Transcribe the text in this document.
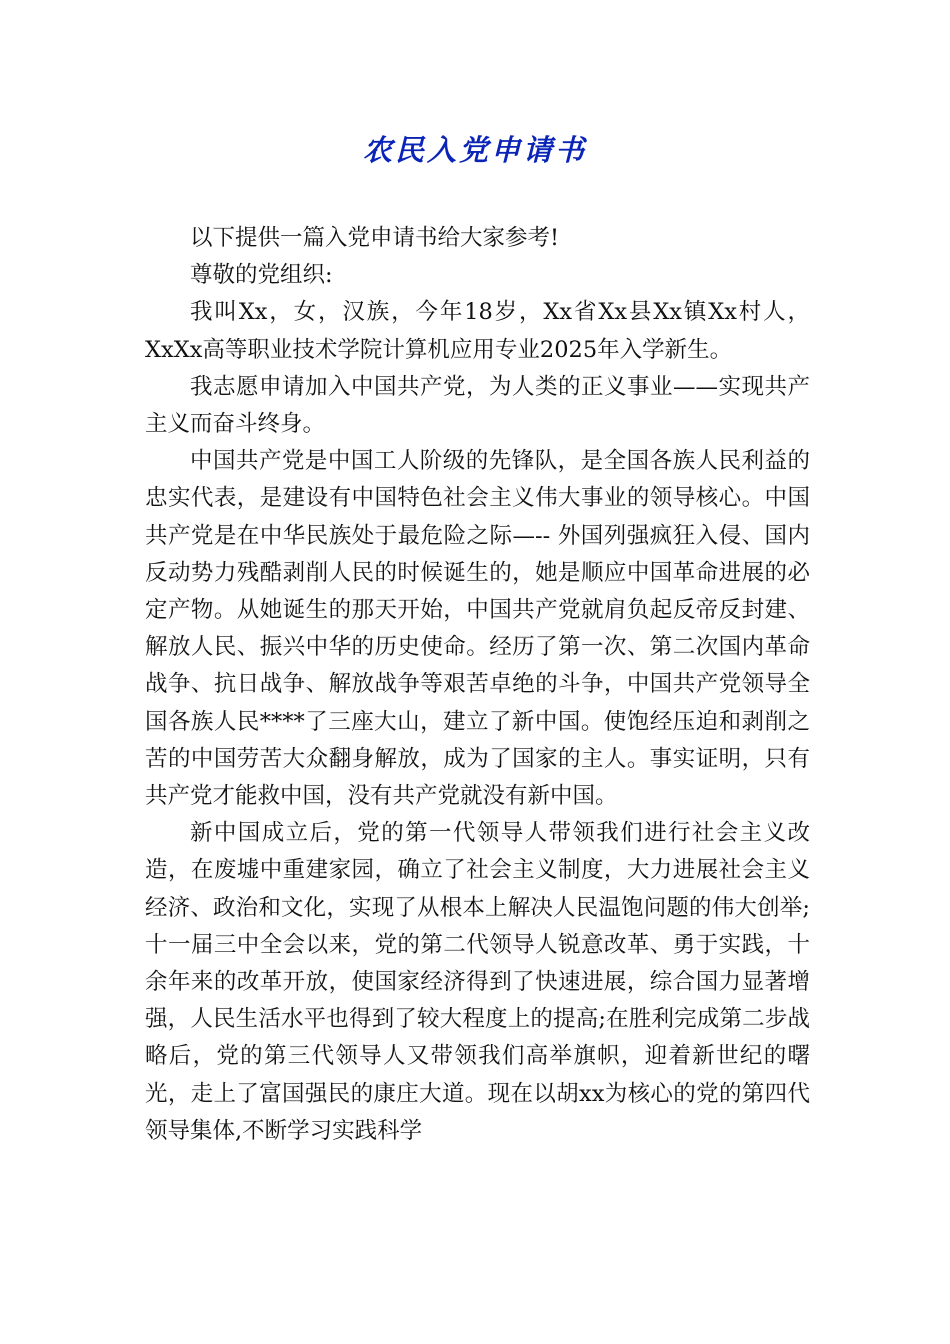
农民入党申请书

以下提供一篇入党申请书给大家参考!

尊敬的党组织:

我叫Xx，女，汉族，今年18岁，Xx省Xx县Xx镇Xx村人，XxXx高等职业技术学院计算机应用专业2025年入学新生。

我志愿申请加入中国共产党，为人类的正义事业——实现共产主义而奋斗终身。

中国共产党是中国工人阶级的先锋队，是全国各族人民利益的忠实代表，是建设有中国特色社会主义伟大事业的领导核心。中国共产党是在中华民族处于最危险之际—-- 外国列强疯狂入侵、国内反动势力残酷剥削人民的时候诞生的，她是顺应中国革命进展的必定产物。从她诞生的那天开始，中国共产党就肩负起反帝反封建、解放人民、振兴中华的历史使命。经历了第一次、第二次国内革命战争、抗日战争、解放战争等艰苦卓绝的斗争，中国共产党领导全国各族人民****了三座大山，建立了新中国。使饱经压迫和剥削之苦的中国劳苦大众翻身解放，成为了国家的主人。事实证明，只有共产党才能救中国，没有共产党就没有新中国。

新中国成立后，党的第一代领导人带领我们进行社会主义改造，在废墟中重建家园，确立了社会主义制度，大力进展社会主义经济、政治和文化，实现了从根本上解决人民温饱问题的伟大创举;十一届三中全会以来，党的第二代领导人锐意改革、勇于实践，十余年来的改革开放，使国家经济得到了快速进展，综合国力显著增强，人民生活水平也得到了较大程度上的提高;在胜利完成第二步战略后，党的第三代领导人又带领我们高举旗帜，迎着新世纪的曙光，走上了富国强民的康庄大道。现在以胡xx为核心的党的第四代领导集体,不断学习实践科学
